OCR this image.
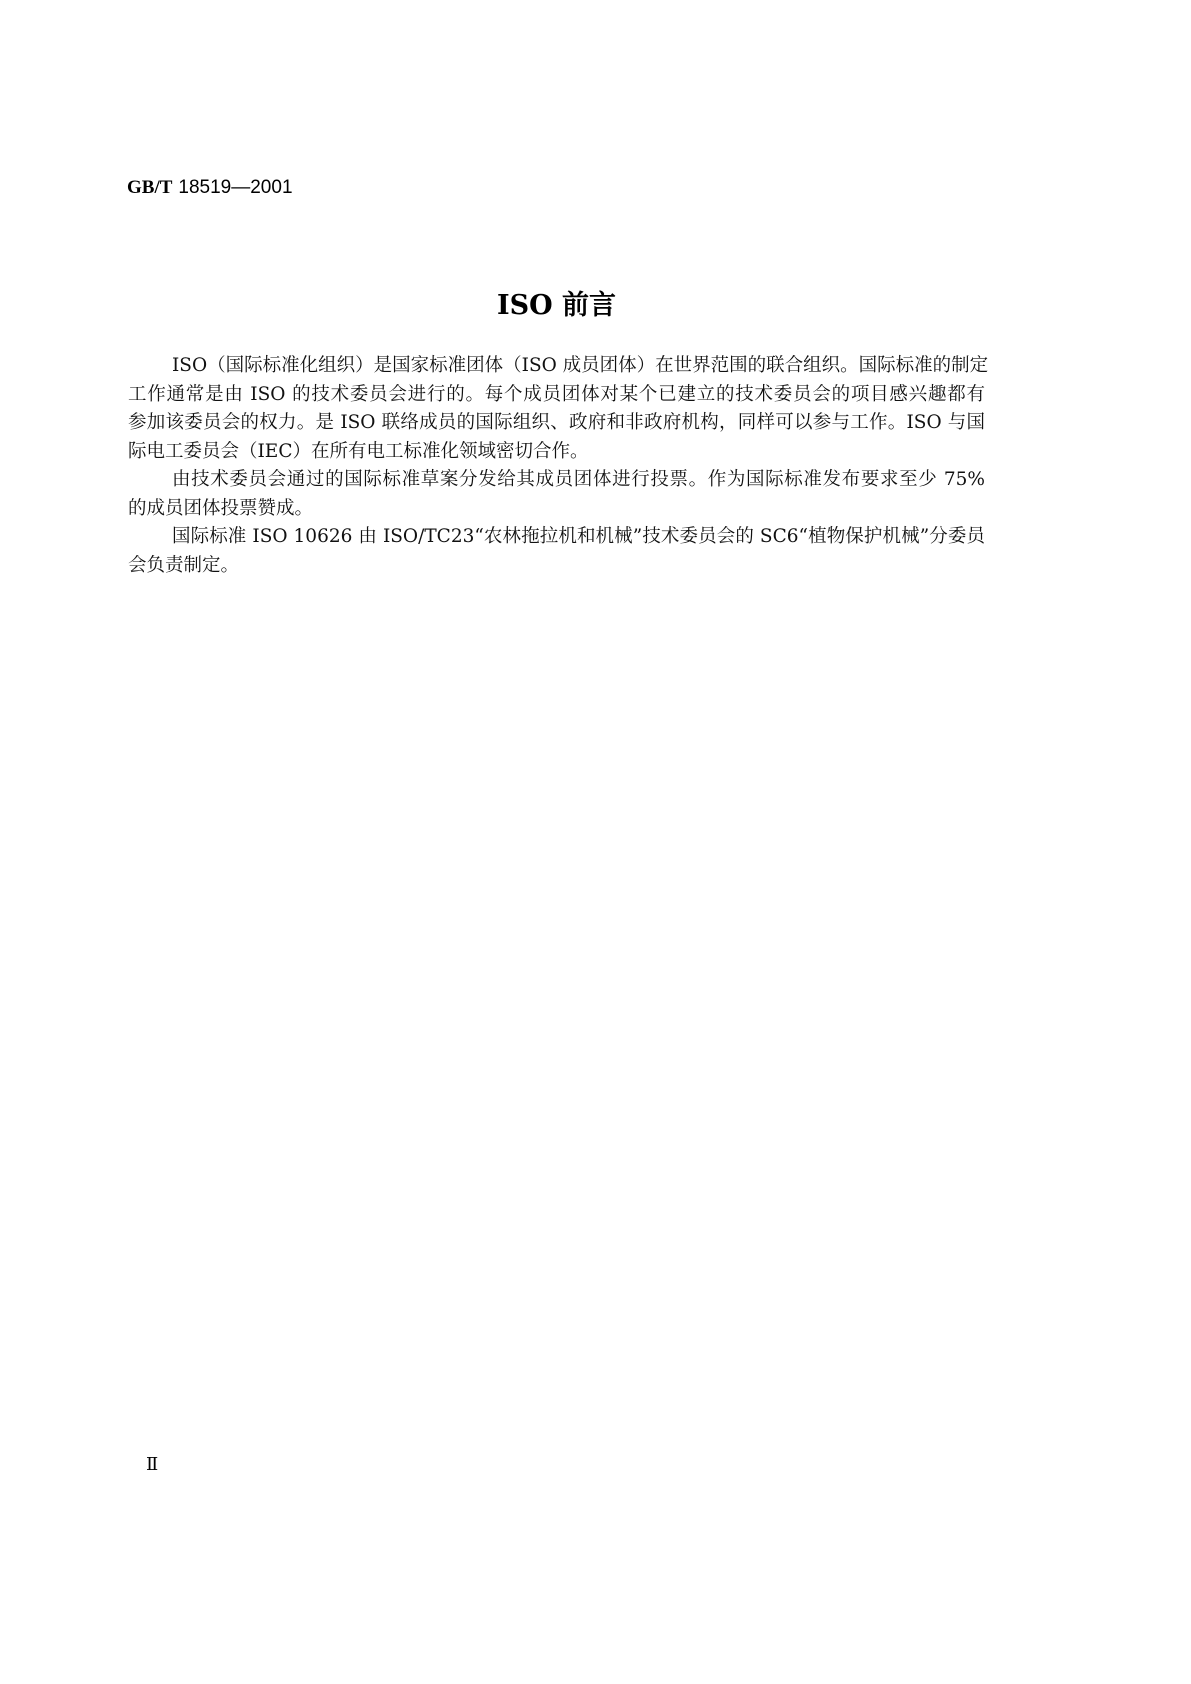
GB/T 18519—2001
ISO 前言
ISO（国际标准化组织）是国家标准团体（ISO 成员团体）在世界范围的联合组织。国际标准的制定
工作通常是由 ISO 的技术委员会进行的。每个成员团体对某个已建立的技术委员会的项目感兴趣都有
参加该委员会的权力。是 ISO 联络成员的国际组织、政府和非政府机构，同样可以参与工作。ISO 与国
际电工委员会（IEC）在所有电工标准化领域密切合作。
由技术委员会通过的国际标准草案分发给其成员团体进行投票。作为国际标准发布要求至少 75%
的成员团体投票赞成。
国际标准 ISO 10626 由 ISO/TC23“农林拖拉机和机械”技术委员会的 SC6“植物保护机械”分委员
会负责制定。
Ⅱ
